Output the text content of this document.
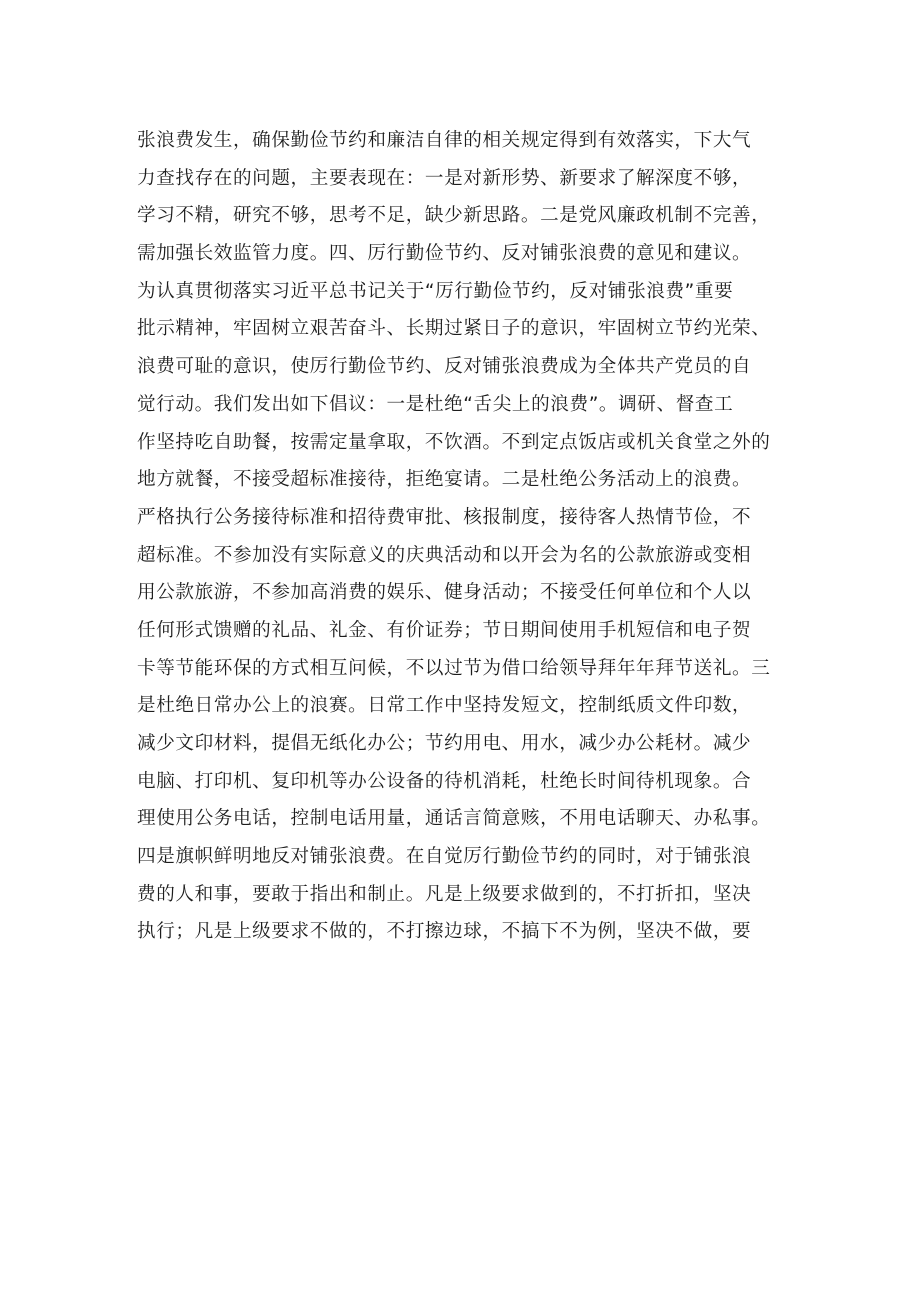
张浪费发生，确保勤俭节约和廉洁自律的相关规定得到有效落实，下大气
力查找存在的问题，主要表现在：一是对新形势、新要求了解深度不够，
学习不精，研究不够，思考不足，缺少新思路。二是党风廉政机制不完善，
需加强长效监管力度。四、厉行勤俭节约、反对铺张浪费的意见和建议。
为认真贯彻落实习近平总书记关于“厉行勤俭节约，反对铺张浪费”重要
批示精神，牢固树立艰苦奋斗、长期过紧日子的意识，牢固树立节约光荣、
浪费可耻的意识，使厉行勤俭节约、反对铺张浪费成为全体共产党员的自
觉行动。我们发出如下倡议：一是杜绝“舌尖上的浪费”。调研、督查工
作坚持吃自助餐，按需定量拿取，不饮酒。不到定点饭店或机关食堂之外的
地方就餐，不接受超标准接待，拒绝宴请。二是杜绝公务活动上的浪费。
严格执行公务接待标准和招待费审批、核报制度，接待客人热情节俭，不
超标准。不参加没有实际意义的庆典活动和以开会为名的公款旅游或变相
用公款旅游，不参加高消费的娱乐、健身活动；不接受任何单位和个人以
任何形式馈赠的礼品、礼金、有价证券；节日期间使用手机短信和电子贺
卡等节能环保的方式相互问候，不以过节为借口给领导拜年年拜节送礼。三
是杜绝日常办公上的浪赛。日常工作中坚持发短文，控制纸质文件印数，
减少文印材料，提倡无纸化办公；节约用电、用水，减少办公耗材。减少
电脑、打印机、复印机等办公设备的待机消耗，杜绝长时间待机现象。合
理使用公务电话，控制电话用量，通话言简意赅，不用电话聊天、办私事。
四是旗帜鲜明地反对铺张浪费。在自觉厉行勤俭节约的同时，对于铺张浪
费的人和事，要敢于指出和制止。凡是上级要求做到的，不打折扣，坚决
执行；凡是上级要求不做的，不打擦边球，不搞下不为例，坚决不做，要
